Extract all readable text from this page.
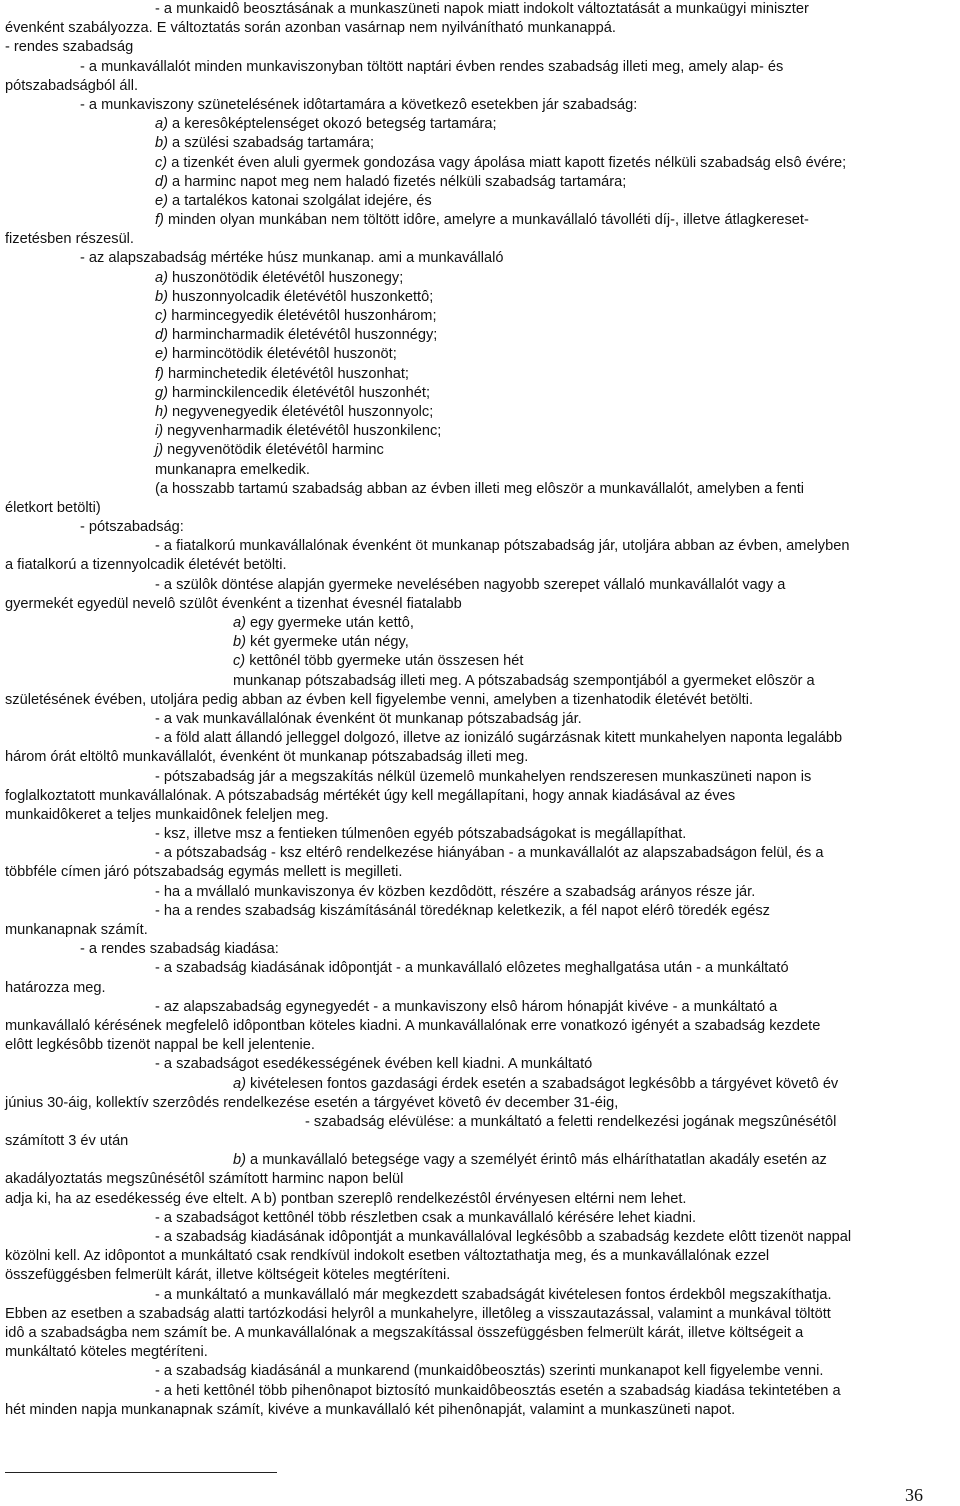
- a munkaidô beosztásának a munkaszüneti napok miatt indokolt változtatását a munkaügyi miniszter
évenként szabályozza. E változtatás során azonban vasárnap nem nyilvánítható munkanappá.
- rendes szabadság
- a munkavállalót minden munkaviszonyban töltött naptári évben rendes szabadság illeti meg, amely alap- és
pótszabadságból áll.
- a munkaviszony szünetelésének idôtartamára a következô esetekben jár szabadság:
a) a keresôképtelenséget okozó betegség tartamára;
b) a szülési szabadság tartamára;
c) a tizenkét éven aluli gyermek gondozása vagy ápolása miatt kapott fizetés nélküli szabadság elsô évére;
d) a harminc napot meg nem haladó fizetés nélküli szabadság tartamára;
e) a tartalékos katonai szolgálat idejére, és
f) minden olyan munkában nem töltött idôre, amelyre a munkavállaló távolléti díj-, illetve átlagkereset-
fizetésben részesül.
- az alapszabadság mértéke húsz munkanap. ami a munkavállaló
a) huszonötödik életévétôl huszonegy;
b) huszonnyolcadik életévétôl huszonkettô;
c) harmincegyedik életévétôl huszonhárom;
d) harmincharmadik életévétôl huszonnégy;
e) harmincötödik életévétôl huszonöt;
f) harminchetedik életévétôl huszonhat;
g) harminckilencedik életévétôl huszonhét;
h) negyvenegyedik életévétôl huszonnyolc;
i) negyvenharmadik életévétôl huszonkilenc;
j) negyvenötödik életévétôl harminc
munkanapra emelkedik.
(a hosszabb tartamú szabadság abban az évben illeti meg elôször a munkavállalót, amelyben a fenti
életkort betölti)
- pótszabadság:
- a fiatalkorú munkavállalónak évenként öt munkanap pótszabadság jár, utoljára abban az évben, amelyben
a fiatalkorú a tizennyolcadik életévét betölti.
- a szülôk döntése alapján gyermeke nevelésében nagyobb szerepet vállaló munkavállalót vagy a
gyermekét egyedül nevelô szülôt évenként a tizenhat évesnél fiatalabb
a) egy gyermeke után kettô,
b) két gyermeke után négy,
c) kettônél több gyermeke után összesen hét
munkanap pótszabadság illeti meg. A pótszabadság szempontjából a gyermeket elôször a
születésének évében, utoljára pedig abban az évben kell figyelembe venni, amelyben a tizenhatodik életévét betölti.
- a vak munkavállalónak évenként öt munkanap pótszabadság jár.
- a föld alatt állandó jelleggel dolgozó, illetve az ionizáló sugárzásnak kitett munkahelyen naponta legalább
három órát eltöltô munkavállalót, évenként öt munkanap pótszabadság illeti meg.
- pótszabadság jár a megszakítás nélkül üzemelô munkahelyen rendszeresen munkaszüneti napon is
foglalkoztatott munkavállalónak. A pótszabadság mértékét úgy kell megállapítani, hogy annak kiadásával az éves
munkaidôkeret a teljes munkaidônek feleljen meg.
- ksz, illetve msz a fentieken túlmenôen egyéb pótszabadságokat is megállapíthat.
- a pótszabadság - ksz eltérô rendelkezése hiányában - a munkavállalót az alapszabadságon felül, és a
többféle címen járó pótszabadság egymás mellett is megilleti.
- ha a mvállaló munkaviszonya év közben kezdôdött, részére a szabadság arányos része jár.
- ha a rendes szabadság kiszámításánál töredéknap keletkezik, a fél napot elérô töredék egész
munkanapnak számít.
- a rendes szabadság kiadása:
- a szabadság kiadásának idôpontját - a munkavállaló elôzetes meghallgatása után - a munkáltató
határozza meg.
- az alapszabadság egynegyedét - a munkaviszony elsô három hónapját kivéve - a munkáltató a
munkavállaló kérésének megfelelô idôpontban köteles kiadni. A munkavállalónak erre vonatkozó igényét a szabadság kezdete
elôtt legkésôbb tizenöt nappal be kell jelentenie.
- a szabadságot esedékességének évében kell kiadni. A munkáltató
a) kivételesen fontos gazdasági érdek esetén a szabadságot legkésôbb a tárgyévet követô év
június 30-áig, kollektív szerzôdés rendelkezése esetén a tárgyévet követô év december 31-éig,
- szabadság elévülése: a munkáltató a feletti rendelkezési jogának megszûnésétôl
számított 3 év után
b) a munkavállaló betegsége vagy a személyét érintô más elháríthatatlan akadály esetén az
akadályoztatás megszûnésétôl számított harminc napon belül
adja ki, ha az esedékesség éve eltelt. A b) pontban szereplô rendelkezéstôl érvényesen eltérni nem lehet.
- a szabadságot kettônél több részletben csak a munkavállaló kérésére lehet kiadni.
- a szabadság kiadásának idôpontját a munkavállalóval legkésôbb a szabadság kezdete elôtt tizenöt nappal
közölni kell. Az idôpontot a munkáltató csak rendkívül indokolt esetben változtathatja meg, és a munkavállalónak ezzel
összefüggésben felmerült kárát, illetve költségeit köteles megtéríteni.
- a munkáltató a munkavállaló már megkezdett szabadságát kivételesen fontos érdekbôl megszakíthatja.
Ebben az esetben a szabadság alatti tartózkodási helyrôl a munkahelyre, illetôleg a visszautazással, valamint a munkával töltött
idô a szabadságba nem számít be. A munkavállalónak a megszakítással összefüggésben felmerült kárát, illetve költségeit a
munkáltató köteles megtéríteni.
- a szabadság kiadásánál a munkarend (munkaidôbeosztás) szerinti munkanapot kell figyelembe venni.
- a heti kettônél több pihenônapot biztosító munkaidôbeosztás esetén a szabadság kiadása tekintetében a
hét minden napja munkanapnak számít, kivéve a munkavállaló két pihenônapját, valamint a munkaszüneti napot.
36
